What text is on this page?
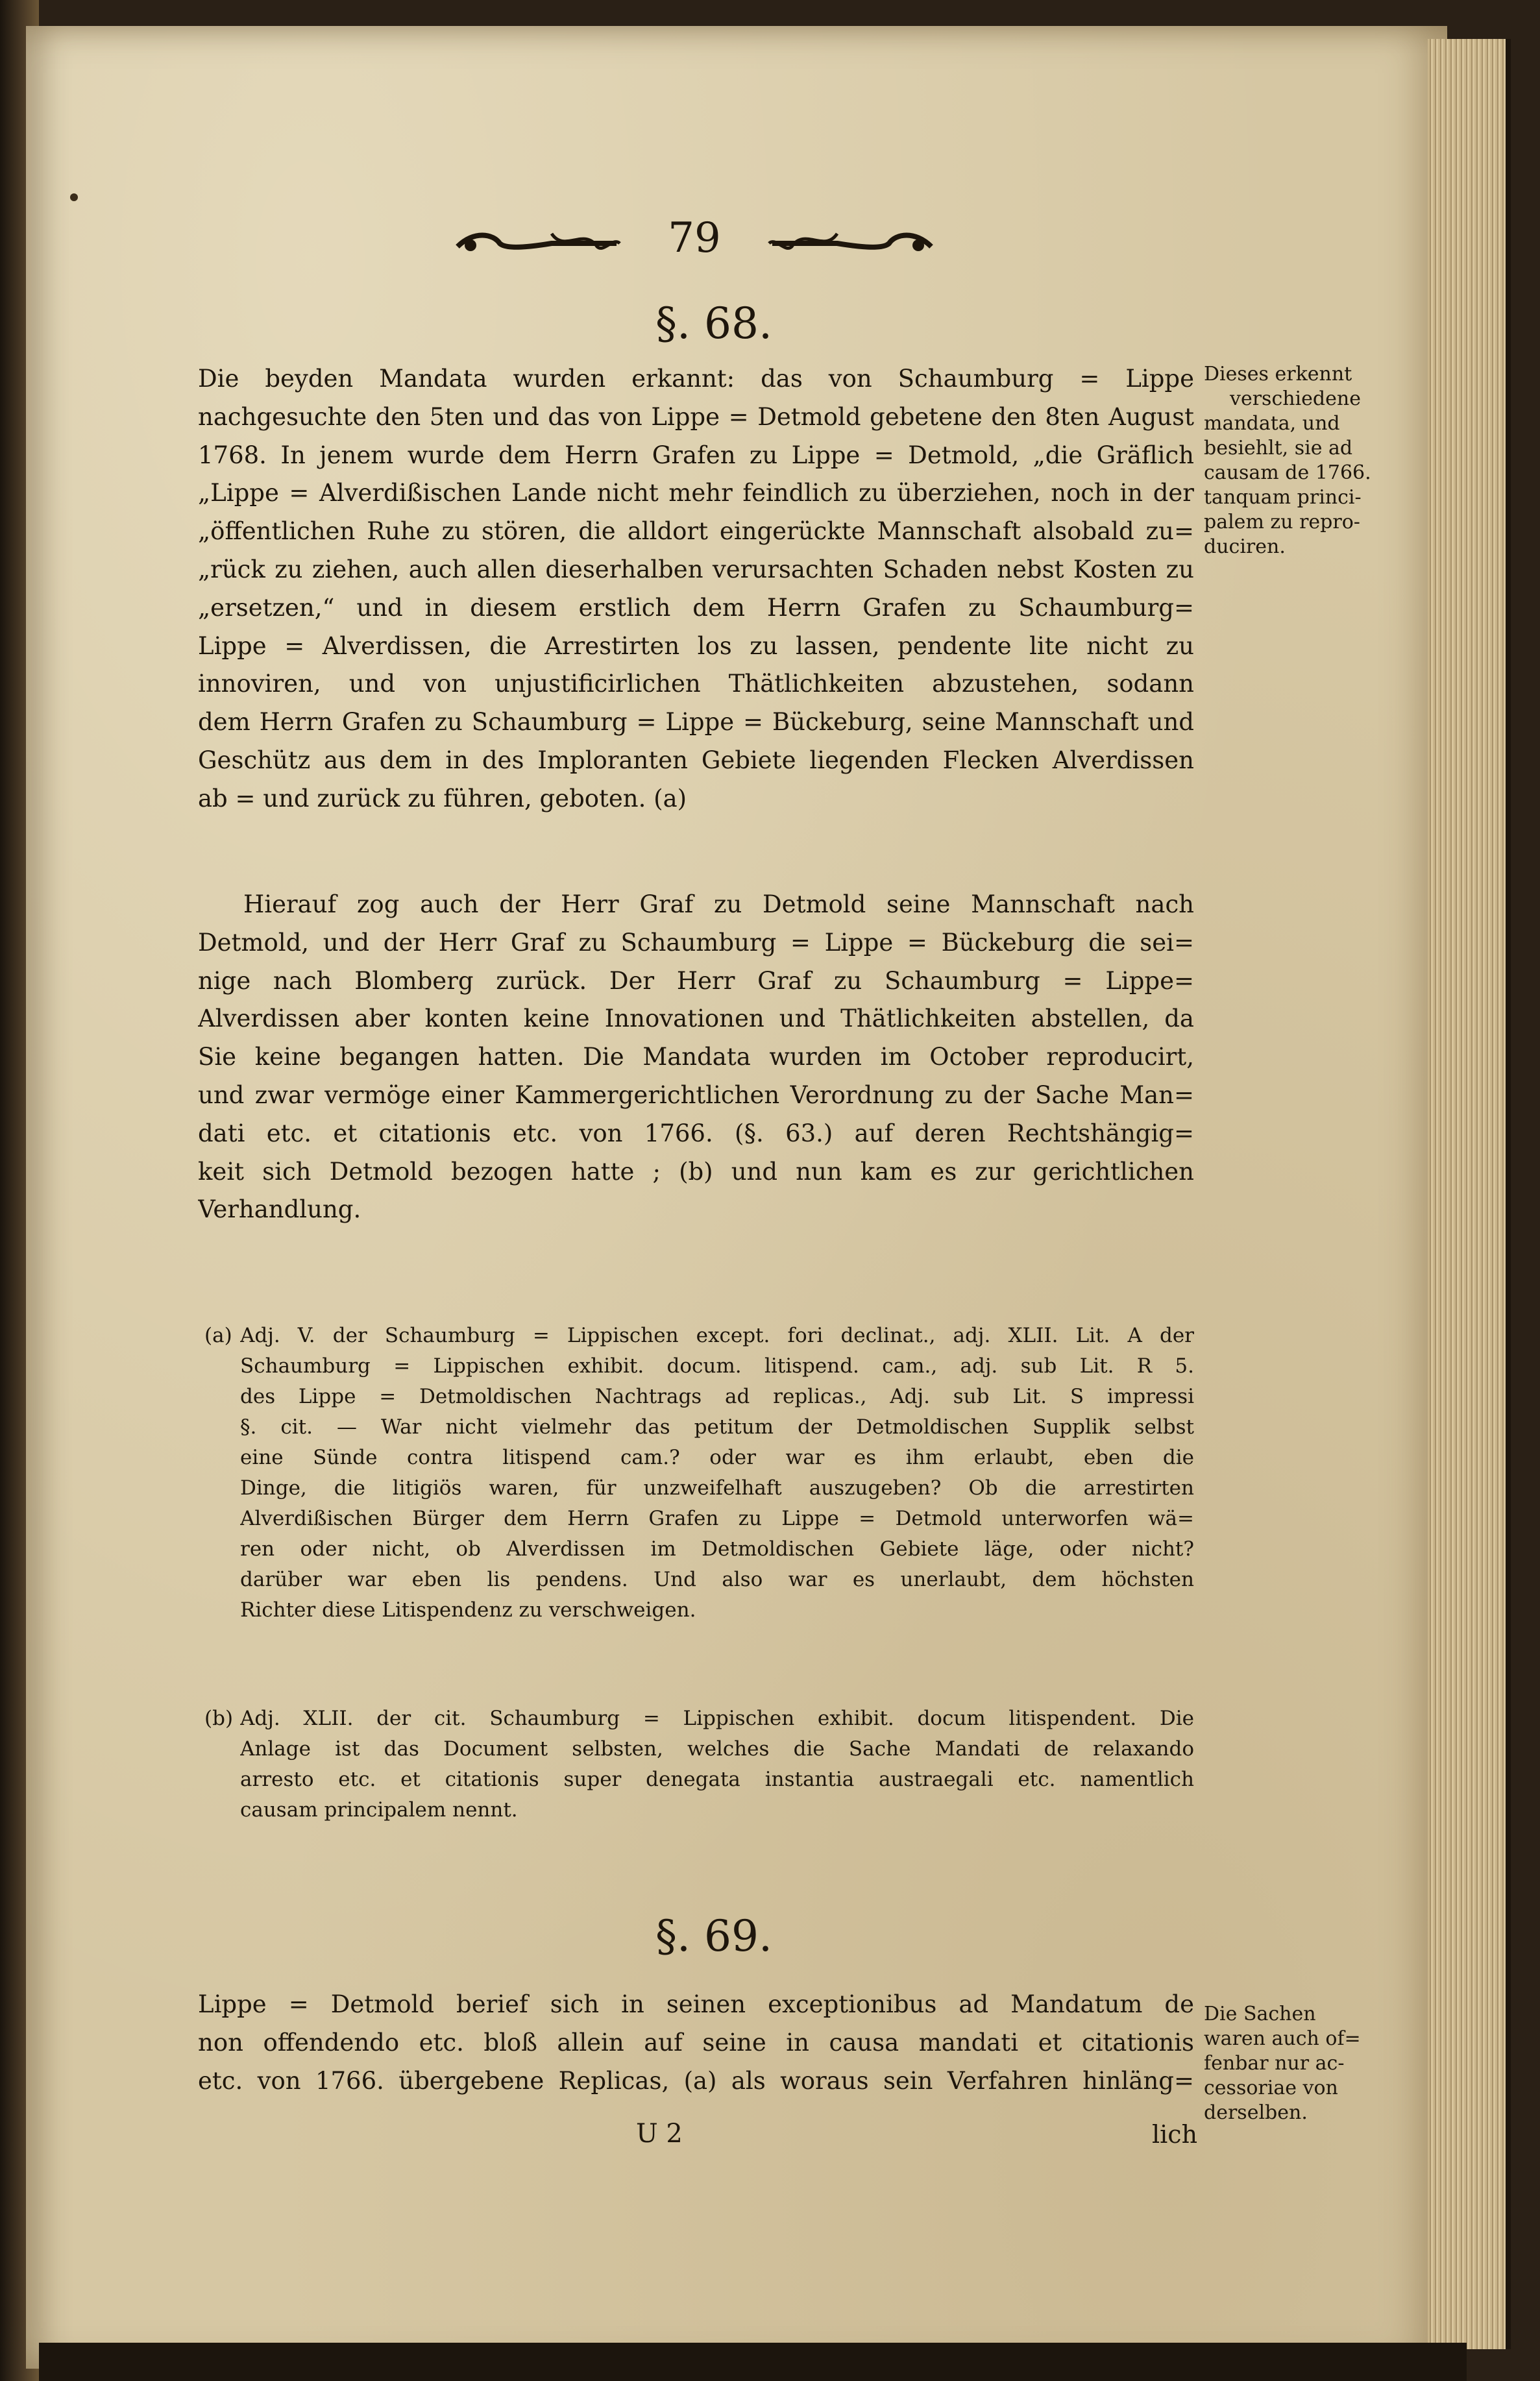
79
§. 68.
Die beyden Mandata wurden erkannt: das von Schaumburg = Lippe
nachgesuchte den 5ten und das von Lippe = Detmold gebetene den 8ten August
1768. In jenem wurde dem Herrn Grafen zu Lippe = Detmold, „die Gräflich
„Lippe = Alverdißischen Lande nicht mehr feindlich zu überziehen, noch in der
„öffentlichen Ruhe zu stören, die alldort eingerückte Mannschaft alsobald zu=
„rück zu ziehen, auch allen dieserhalben verursachten Schaden nebst Kosten zu
„ersetzen,“ und in diesem erstlich dem Herrn Grafen zu Schaumburg=
Lippe = Alverdissen, die Arrestirten los zu lassen, pendente lite nicht zu
innoviren, und von unjustificirlichen Thätlichkeiten abzustehen, sodann
dem Herrn Grafen zu Schaumburg = Lippe = Bückeburg, seine Mannschaft und
Geschütz aus dem in des Imploranten Gebiete liegenden Flecken Alverdissen
ab = und zurück zu führen, geboten. (a)
Dieses erkennt
verschiedene
mandata, und
besiehlt, sie ad
causam de 1766.
tanquam princi-
palem zu repro-
duciren.
Hierauf zog auch der Herr Graf zu Detmold seine Mannschaft nach
Detmold, und der Herr Graf zu Schaumburg = Lippe = Bückeburg die sei=
nige nach Blomberg zurück. Der Herr Graf zu Schaumburg = Lippe=
Alverdissen aber konten keine Innovationen und Thätlichkeiten abstellen, da
Sie keine begangen hatten. Die Mandata wurden im October reproducirt,
und zwar vermöge einer Kammergerichtlichen Verordnung zu der Sache Man=
dati etc. et citationis etc. von 1766. (§. 63.) auf deren Rechtshängig=
keit sich Detmold bezogen hatte ; (b) und nun kam es zur gerichtlichen
Verhandlung.
(a) Adj. V. der Schaumburg = Lippischen except. fori declinat., adj. XLII. Lit. A der
Schaumburg = Lippischen exhibit. docum. litispend. cam., adj. sub Lit. R 5.
des Lippe = Detmoldischen Nachtrags ad replicas., Adj. sub Lit. S impressi
§. cit. — War nicht vielmehr das petitum der Detmoldischen Supplik selbst
eine Sünde contra litispend cam.? oder war es ihm erlaubt, eben die
Dinge, die litigiös waren, für unzweifelhaft auszugeben? Ob die arrestirten
Alverdißischen Bürger dem Herrn Grafen zu Lippe = Detmold unterworfen wä=
ren oder nicht, ob Alverdissen im Detmoldischen Gebiete läge, oder nicht?
darüber war eben lis pendens. Und also war es unerlaubt, dem höchsten
Richter diese Litispendenz zu verschweigen.
(b) Adj. XLII. der cit. Schaumburg = Lippischen exhibit. docum litispendent. Die
Anlage ist das Document selbsten, welches die Sache Mandati de relaxando
arresto etc. et citationis super denegata instantia austraegali etc. namentlich
causam principalem nennt.
§. 69.
Lippe = Detmold berief sich in seinen exceptionibus ad Mandatum de
non offendendo etc. bloß allein auf seine in causa mandati et citationis
etc. von 1766. übergebene Replicas, (a) als woraus sein Verfahren hinläng=
Die Sachen
waren auch of=
fenbar nur ac-
cessoriae von
derselben.
U 2	lich
